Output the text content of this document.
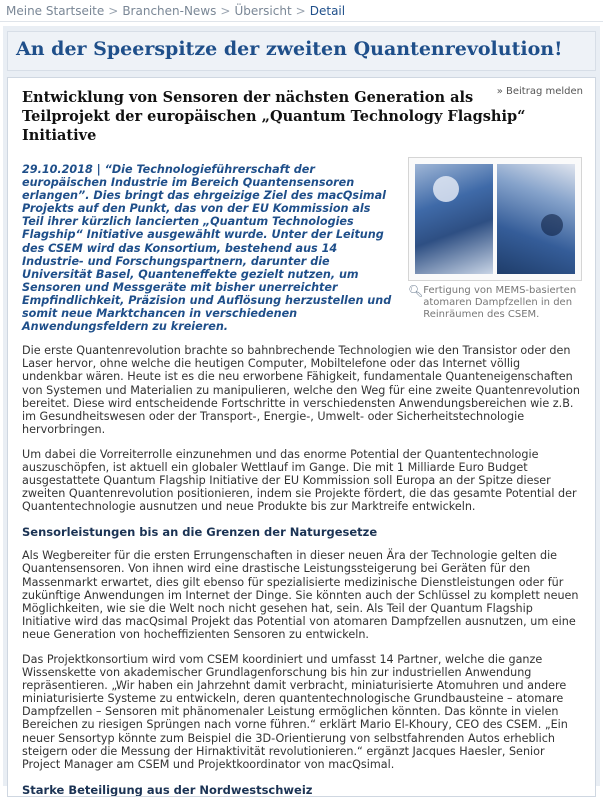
Meine Startseite > Branchen-News > Übersicht > Detail
An der Speerspitze der zweiten Quantenrevolution!
» Beitrag melden
Entwicklung von Sensoren der nächsten Generation als Teilprojekt der europäischen „Quantum Technology Flagship“ Initiative

29.10.2018 | “Die Technologieführerschaft der europäischen Industrie im Bereich Quantensensoren erlangen”. Dies bringt das ehrgeizige Ziel des macQsimal Projekts auf den Punkt, das von der EU Kommission als Teil ihrer kürzlich lancierten „Quantum Technologies Flagship“ Initiative ausgewählt wurde. Unter der Leitung des CSEM wird das Konsortium, bestehend aus 14 Industrie- und Forschungspartnern, darunter die Universität Basel, Quanteneffekte gezielt nutzen, um Sensoren und Messgeräte mit bisher unerreichter Empfindlichkeit, Präzision und Auflösung herzustellen und somit neue Marktchancen in verschiedenen Anwendungsfeldern zu kreieren.

🔍︎ Fertigung von MEMS-basierten atomaren Dampfzellen in den Reinräumen des CSEM.

Die erste Quantenrevolution brachte so bahnbrechende Technologien wie den Transistor oder den Laser hervor, ohne welche die heutigen Computer, Mobiltelefone oder das Internet völlig undenkbar wären. Heute ist es die neu erworbene Fähigkeit, fundamentale Quanteneigenschaften von Systemen und Materialien zu manipulieren, welche den Weg für eine zweite Quantenrevolution bereitet. Diese wird entscheidende Fortschritte in verschiedensten Anwendungsbereichen wie z.B. im Gesundheitswesen oder der Transport-, Energie-, Umwelt- oder Sicherheitstechnologie hervorbringen.

Um dabei die Vorreiterrolle einzunehmen und das enorme Potential der Quantentechnologie auszuschöpfen, ist aktuell ein globaler Wettlauf im Gange. Die mit 1 Milliarde Euro Budget ausgestattete Quantum Flagship Initiative der EU Kommission soll Europa an der Spitze dieser zweiten Quantenrevolution positionieren, indem sie Projekte fördert, die das gesamte Potential der Quantentechnologie ausnutzen und neue Produkte bis zur Marktreife entwickeln.

Sensorleistungen bis an die Grenzen der Naturgesetze

Als Wegbereiter für die ersten Errungenschaften in dieser neuen Ära der Technologie gelten die Quantensensoren. Von ihnen wird eine drastische Leistungssteigerung bei Geräten für den Massenmarkt erwartet, dies gilt ebenso für spezialisierte medizinische Dienstleistungen oder für zukünftige Anwendungen im Internet der Dinge. Sie könnten auch der Schlüssel zu komplett neuen Möglichkeiten, wie sie die Welt noch nicht gesehen hat, sein. Als Teil der Quantum Flagship Initiative wird das macQsimal Projekt das Potential von atomaren Dampfzellen ausnutzen, um eine neue Generation von hocheffizienten Sensoren zu entwickeln.

Das Projektkonsortium wird vom CSEM koordiniert und umfasst 14 Partner, welche die ganze Wissenskette von akademischer Grundlagenforschung bis hin zur industriellen Anwendung repräsentieren. „Wir haben ein Jahrzehnt damit verbracht, miniaturisierte Atomuhren und andere miniaturisierte Systeme zu entwickeln, deren quantentechnologische Grundbausteine – atomare Dampfzellen – Sensoren mit phänomenaler Leistung ermöglichen könnten. Das könnte in vielen Bereichen zu riesigen Sprüngen nach vorne führen.“ erklärt Mario El-Khoury, CEO des CSEM. „Ein neuer Sensortyp könnte zum Beispiel die 3D-Orientierung von selbstfahrenden Autos erheblich steigern oder die Messung der Hirnaktivität revolutionieren.“ ergänzt Jacques Haesler, Senior Project Manager am CSEM und Projektkoordinator von macQsimal.

Starke Beteiligung aus der Nordwestschweiz
